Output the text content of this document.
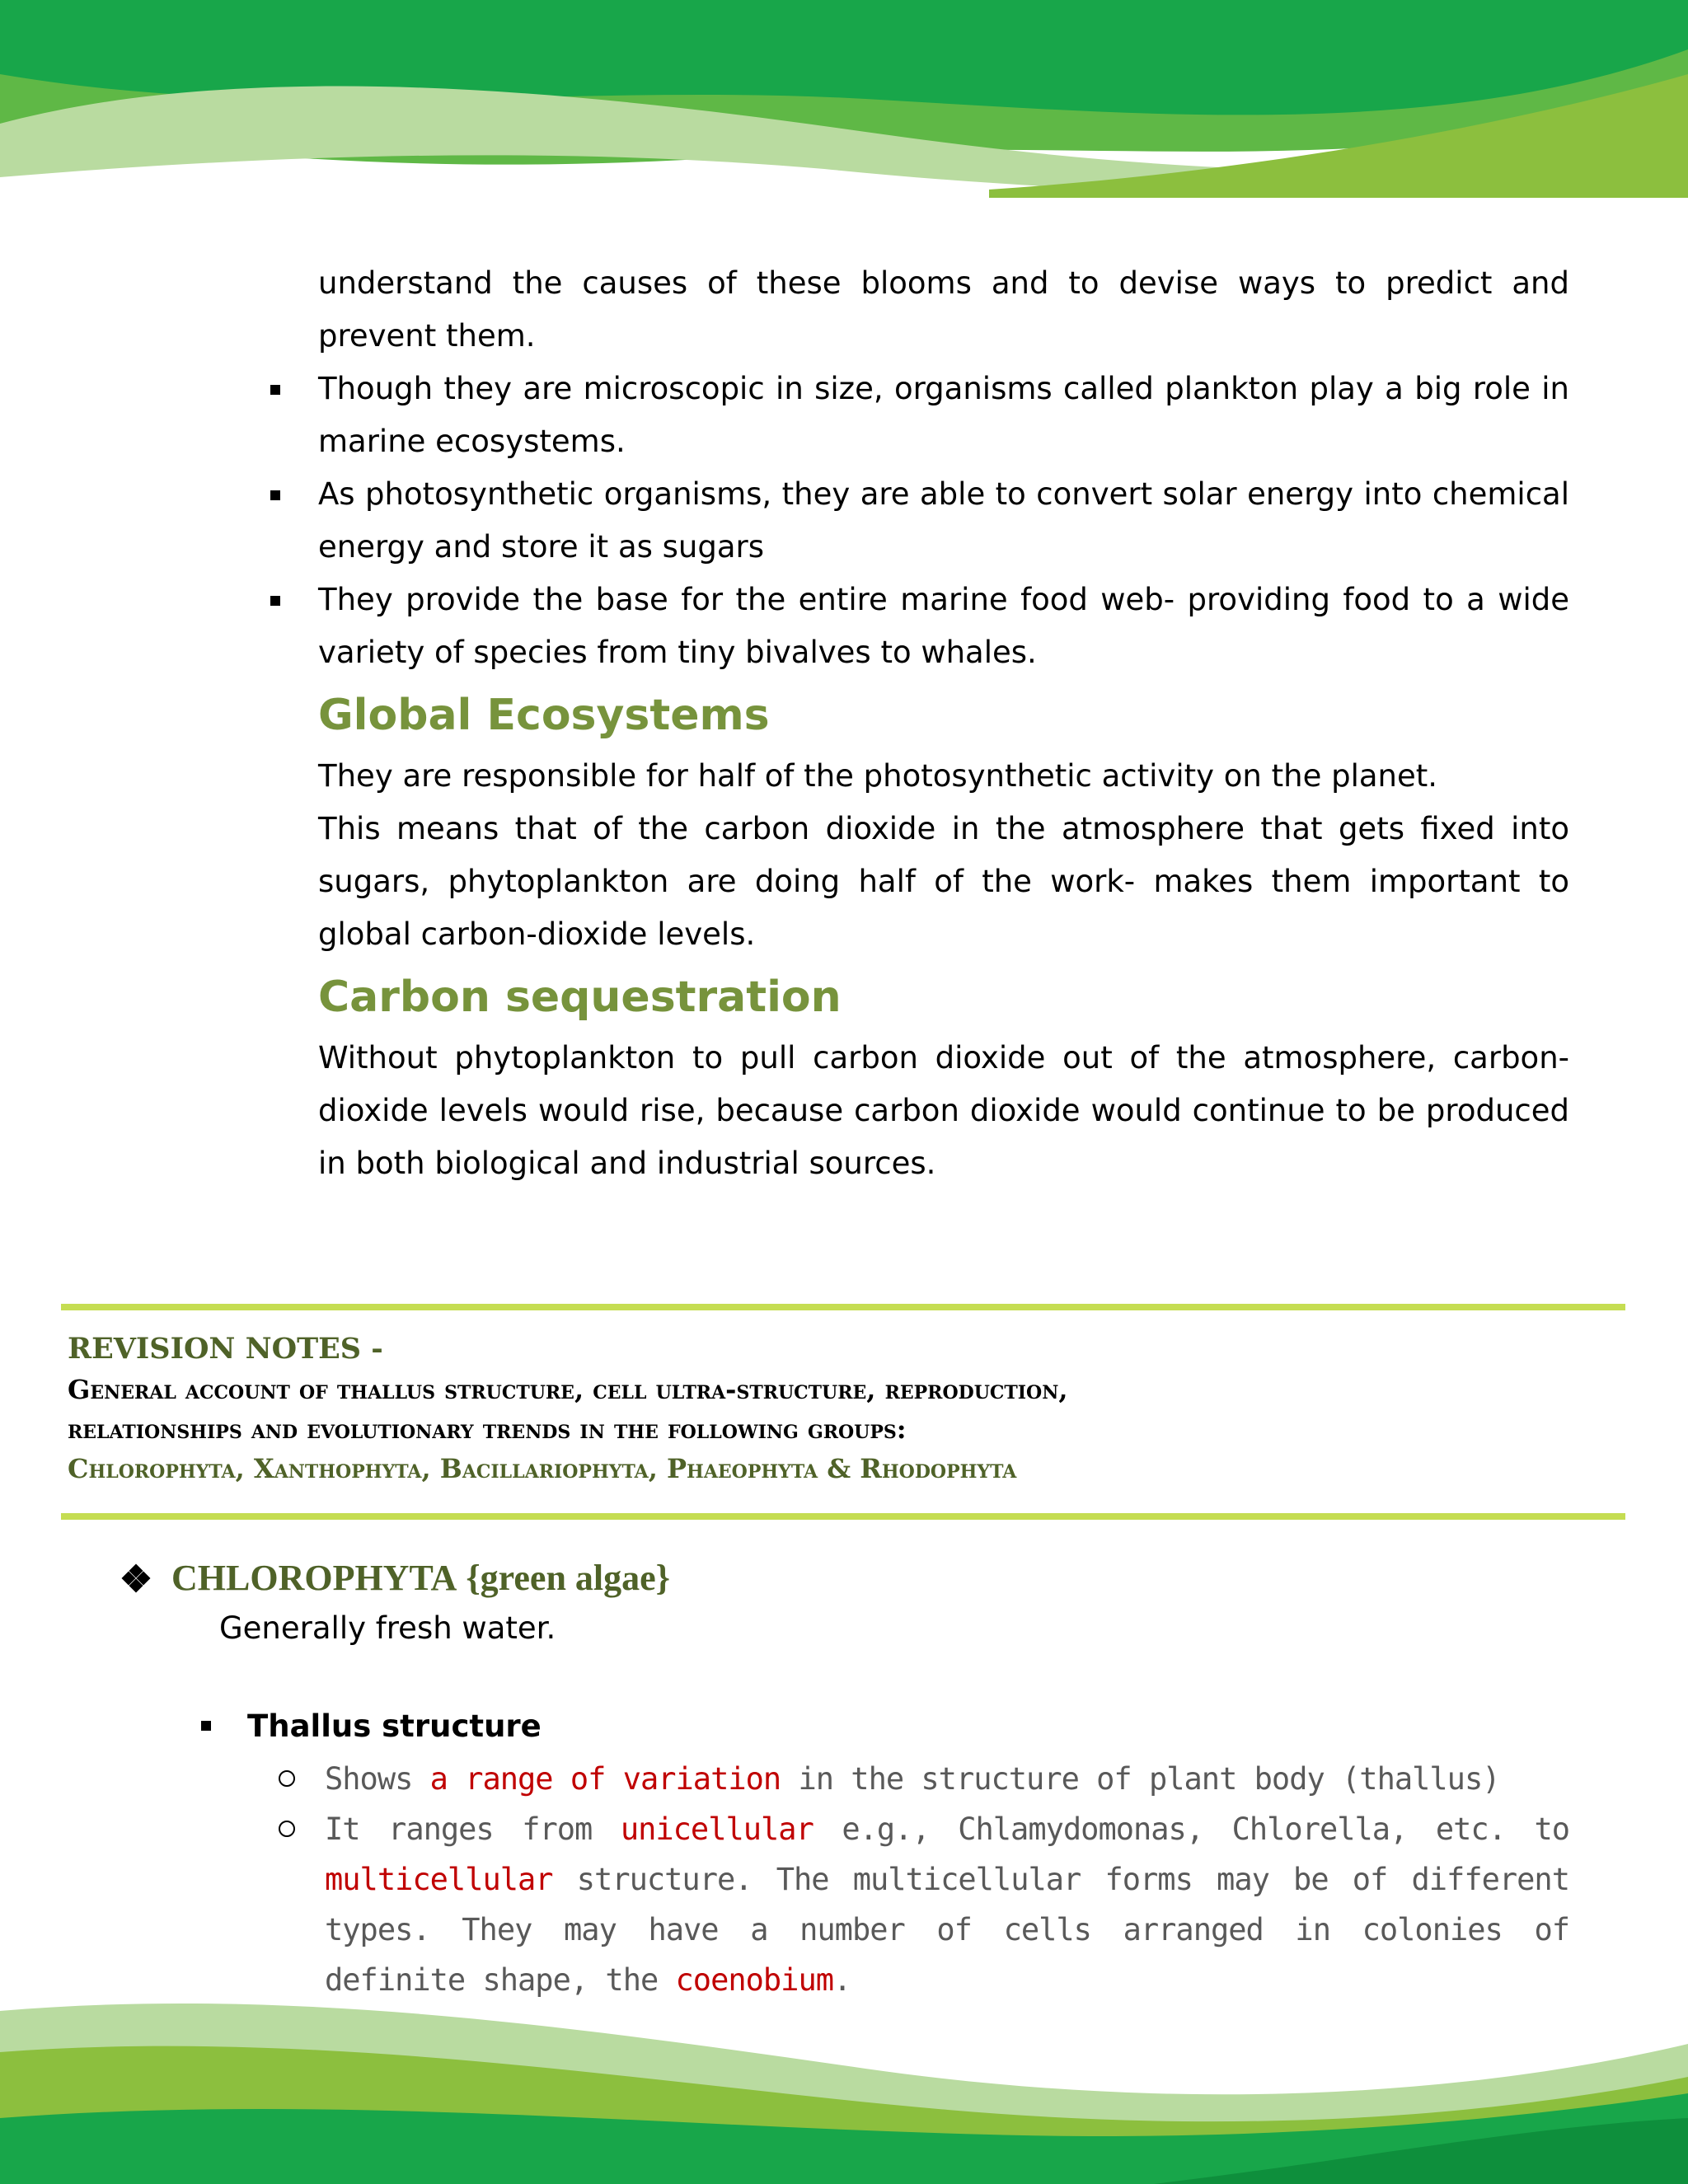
understand the causes of these blooms and to devise ways to predict and prevent them.

Though they are microscopic in size, organisms called plankton play a big role in marine ecosystems.
As photosynthetic organisms, they are able to convert solar energy into chemical energy and store it as sugars
They provide the base for the entire marine food web- providing food to a wide variety of species from tiny bivalves to whales.
Global Ecosystems

They are responsible for half of the photosynthetic activity on the planet.

This means that of the carbon dioxide in the atmosphere that gets fixed into sugars, phytoplankton are doing half of the work- makes them important to global carbon-dioxide levels.

Carbon sequestration

Without phytoplankton to pull carbon dioxide out of the atmosphere, carbon-dioxide levels would rise, because carbon dioxide would continue to be produced in both biological and industrial sources.

REVISION NOTES -

General account of thallus structure, cell ultra-structure, reproduction,

relationships and evolutionary trends in the following groups:

Chlorophyta, Xanthophyta, Bacillariophyta, Phaeophyta & Rhodophyta

CHLOROPHYTA
{green algae}

Generally fresh water.

Thallus structure

Shows a range of variation in the structure of plant body (thallus)
It ranges from unicellular e.g., Chlamydomonas, Chlorella, etc. to multicellular structure. The multicellular forms may be of different types. They may have a number of cells arranged in colonies of definite shape, the coenobium.
